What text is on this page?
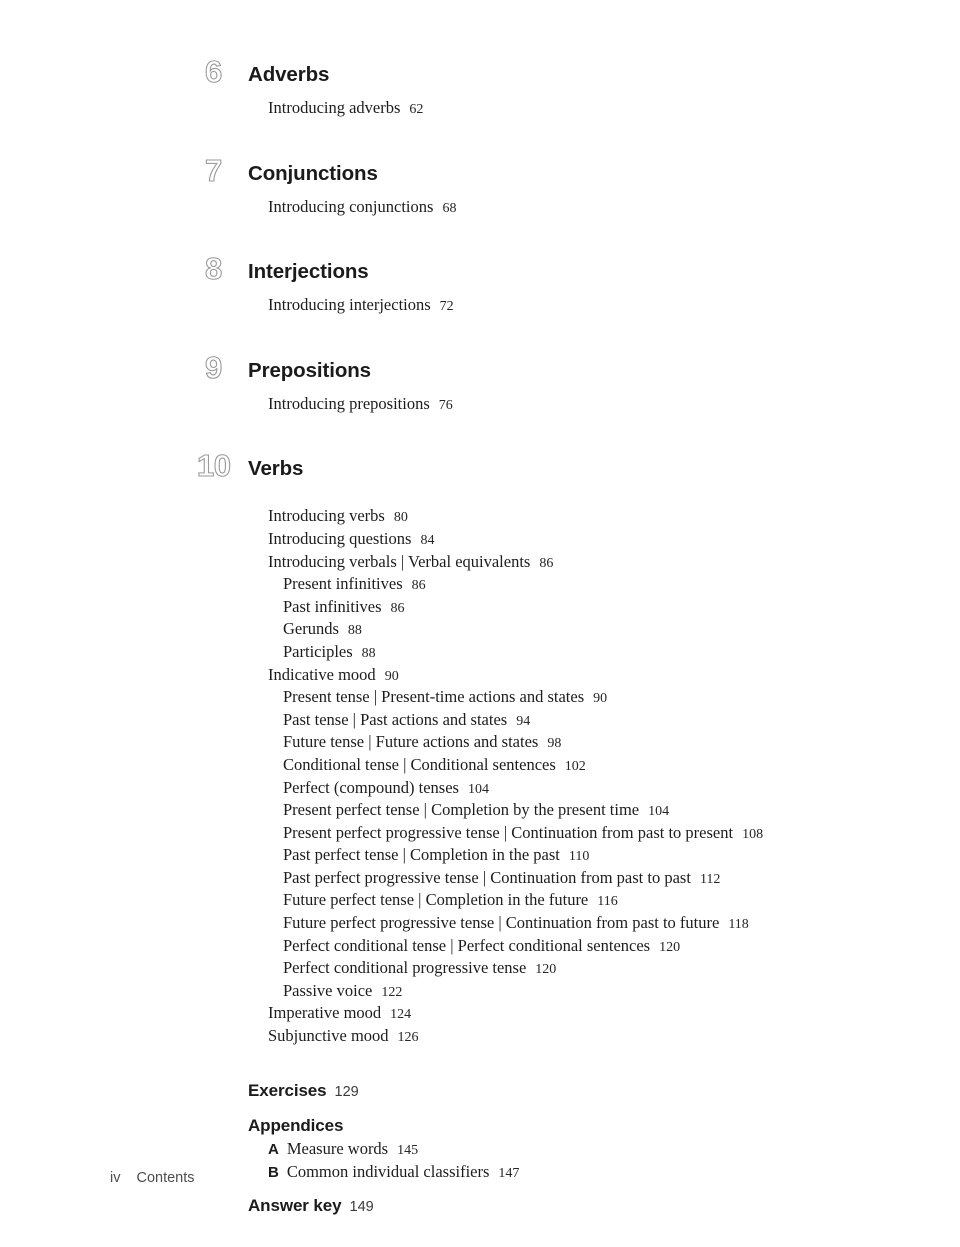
6	Adverbs
Introducing adverbs 62
7	Conjunctions
Introducing conjunctions 68
8	Interjections
Introducing interjections 72
9	Prepositions
Introducing prepositions 76
10 Verbs
Introducing verbs 80
Introducing questions 84
Introducing verbals | Verbal equivalents 86
Present infinitives 86
Past infinitives 86
Gerunds 88
Participles 88
Indicative mood 90
Present tense | Present-time actions and states 90
Past tense | Past actions and states 94
Future tense | Future actions and states 98
Conditional tense | Conditional sentences 102
Perfect (compound) tenses 104
Present perfect tense | Completion by the present time 104
Present perfect progressive tense | Continuation from past to present 108
Past perfect tense | Completion in the past 110
Past perfect progressive tense | Continuation from past to past 112
Future perfect tense | Completion in the future 116
Future perfect progressive tense | Continuation from past to future 118
Perfect conditional tense | Perfect conditional sentences 120
Perfect conditional progressive tense 120
Passive voice 122
Imperative mood 124
Subjunctive mood 126
Exercises 129
Appendices
A Measure words 145
B Common individual classifiers 147
Answer key 149
iv Contents
